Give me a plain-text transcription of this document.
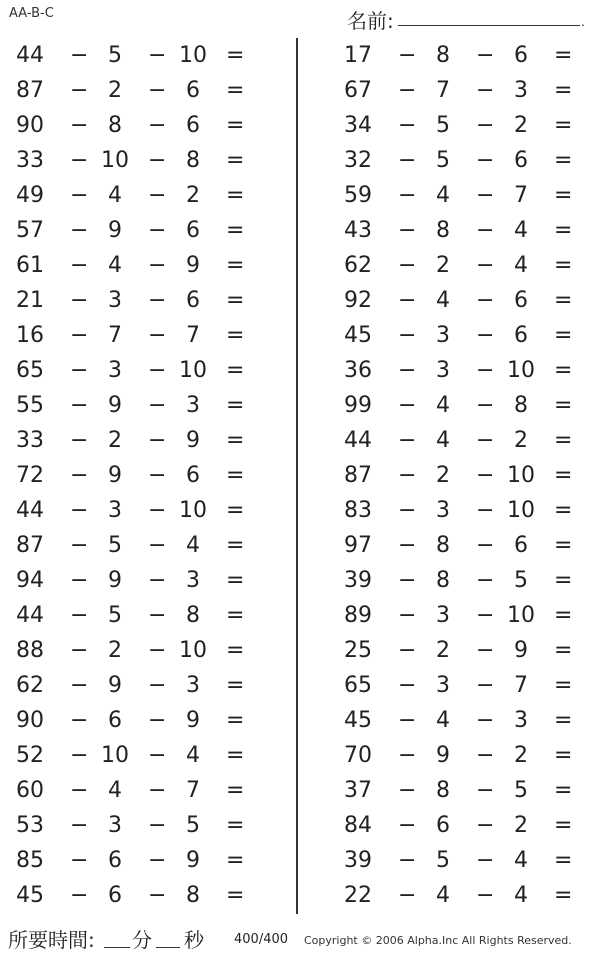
AA-B-C	名前:	.
44 − 5	− 10 =
87 − 2	− 6	=
90 − 8	− 6	=
33 − 10 − 8	=
49 − 4	− 2	=
57 − 9	− 6	=
61 − 4	− 9	=
21 − 3	− 6	=
16 − 7	− 7	=
65 − 3	− 10 =
55 − 9	− 3	=
33 − 2	− 9	=
72 − 9	− 6	=
44 − 3	− 10 =
87 − 5	− 4	=
94 − 9	− 3	=
44 − 5	− 8	=
88 − 2	− 10 =
62 − 9	− 3	=
90 − 6	− 9	=
52 − 10 − 4	=
60 − 4	− 7	=
53 − 3	− 5	=
85 − 6	− 9	=
45 − 6	− 8	=
17 − 8	− 6	=
67 − 7	− 3	=
34 − 5	− 2	=
32 − 5	− 6	=
59 − 4	− 7	=
43 − 8	− 4	=
62 − 2	− 4	=
92 − 4	− 6	=
45 − 3	− 6	=
36 − 3	− 10 =
99 − 4	− 8	=
44 − 4	− 2	=
87 − 2	− 10 =
83 − 3	− 10 =
97 − 8	− 6	=
39 − 8	− 5	=
89 − 3	− 10 =
25 − 2	− 9	=
65 − 3	− 7	=
45 − 4	− 3	=
70 − 9	− 2	=
37 − 8	− 5	=
84 − 6	− 2	=
39 − 5	− 4	=
22 − 4	− 4	=
所要時間: 分 秒 400/400 Copyright © 2006 Alpha.Inc All Rights Reserved.
